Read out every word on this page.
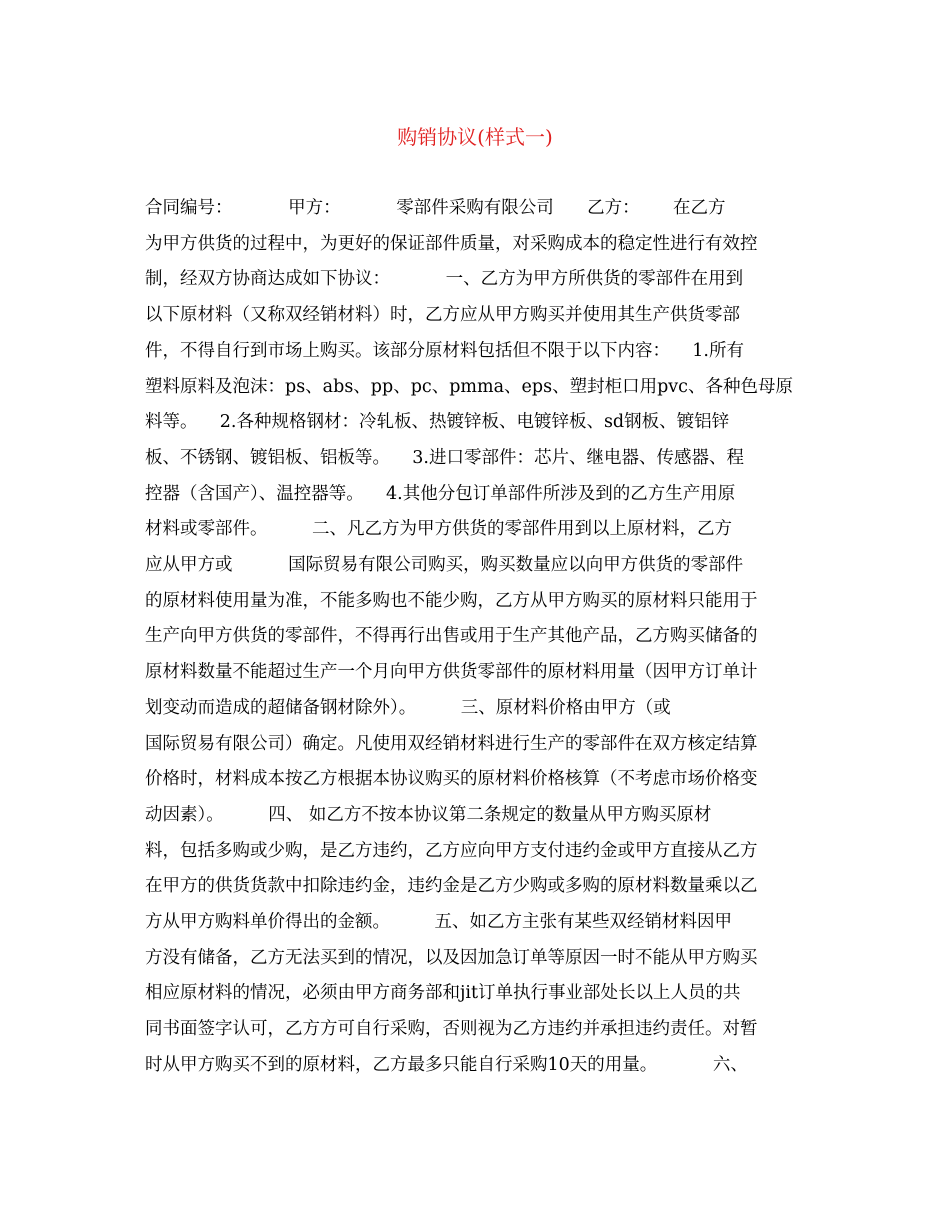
购销协议(样式一)
合同编号：          甲方：          零部件采购有限公司      乙方：      在乙方
为甲方供货的过程中，为更好的保证部件质量，对采购成本的稳定性进行有效控
制，经双方协商达成如下协议：          一、乙方为甲方所供货的零部件在用到
以下原材料（又称双经销材料）时，乙方应从甲方购买并使用其生产供货零部
件，不得自行到市场上购买。该部分原材料包括但不限于以下内容：    1.所有
塑料原料及泡沫：ps、abs、pp、pc、pmma、eps、塑封柜口用pvc、各种色母原
料等。    2.各种规格钢材：冷轧板、热镀锌板、电镀锌板、sd钢板、镀铝锌
板、不锈钢、镀铝板、铝板等。    3.进口零部件：芯片、继电器、传感器、程
控器（含国产）、温控器等。    4.其他分包订单部件所涉及到的乙方生产用原
材料或零部件。        二、凡乙方为甲方供货的零部件用到以上原材料，乙方
应从甲方或          国际贸易有限公司购买，购买数量应以向甲方供货的零部件
的原材料使用量为准，不能多购也不能少购，乙方从甲方购买的原材料只能用于
生产向甲方供货的零部件，不得再行出售或用于生产其他产品，乙方购买储备的
原材料数量不能超过生产一个月向甲方供货零部件的原材料用量（因甲方订单计
划变动而造成的超储备钢材除外）。        三、原材料价格由甲方（或
国际贸易有限公司）确定。凡使用双经销材料进行生产的零部件在双方核定结算
价格时，材料成本按乙方根据本协议购买的原材料价格核算（不考虑市场价格变
动因素）。        四、 如乙方不按本协议第二条规定的数量从甲方购买原材
料，包括多购或少购，是乙方违约，乙方应向甲方支付违约金或甲方直接从乙方
在甲方的供货货款中扣除违约金，违约金是乙方少购或多购的原材料数量乘以乙
方从甲方购料单价得出的金额。        五、如乙方主张有某些双经销材料因甲
方没有储备，乙方无法买到的情况，以及因加急订单等原因一时不能从甲方购买
相应原材料的情况，必须由甲方商务部和jit订单执行事业部处长以上人员的共
同书面签字认可，乙方方可自行采购，否则视为乙方违约并承担违约责任。对暂
时从甲方购买不到的原材料，乙方最多只能自行采购10天的用量。          六、
